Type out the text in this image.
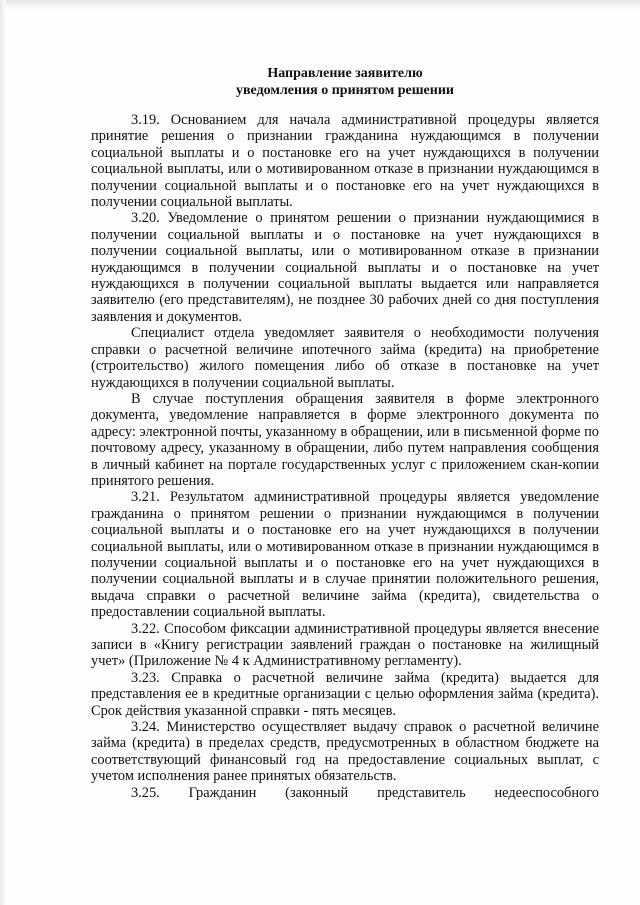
Направление заявителю
уведомления о принятом решении

3.19. Основанием для начала административной процедуры является принятие решения о признании гражданина нуждающимся в получении социальной выплаты и о постановке его на учет нуждающихся в получении социальной выплаты, или о мотивированном отказе в признании нуждающимся в получении социальной выплаты и о постановке его на учет нуждающихся в получении социальной выплаты.

3.20. Уведомление о принятом решении о признании нуждающимися в получении социальной выплаты и о постановке на учет нуждающихся в получении социальной выплаты, или о мотивированном отказе в признании нуждающимся в получении социальной выплаты и о постановке на учет нуждающихся в получении социальной выплаты выдается или направляется заявителю (его представителям), не позднее 30 рабочих дней со дня поступления заявления и документов.

Специалист отдела уведомляет заявителя о необходимости получения справки о расчетной величине ипотечного займа (кредита) на приобретение (строительство) жилого помещения либо об отказе в постановке на учет нуждающихся в получении социальной выплаты.

В случае поступления обращения заявителя в форме электронного документа, уведомление направляется в форме электронного документа по адресу: электронной почты, указанному в обращении, или в письменной форме по почтовому адресу, указанному в обращении, либо путем направления сообщения в личный кабинет на портале государственных услуг с приложением скан-копии принятого решения.

3.21. Результатом административной процедуры является уведомление гражданина о принятом решении о признании нуждающимся в получении социальной выплаты и о постановке его на учет нуждающихся в получении социальной выплаты, или о мотивированном отказе в признании нуждающимся в получении социальной выплаты и о постановке его на учет нуждающихся в получении социальной выплаты и в случае принятии положительного решения, выдача справки о расчетной величине займа (кредита), свидетельства о предоставлении социальной выплаты.

3.22. Способом фиксации административной процедуры является внесение записи в «Книгу регистрации заявлений граждан о постановке на жилищный учет» (Приложение № 4 к Административному регламенту).

3.23. Справка о расчетной величине займа (кредита) выдается для представления ее в кредитные организации с целью оформления займа (кредита). Срок действия указанной справки - пять месяцев.

3.24. Министерство осуществляет выдачу справок о расчетной величине займа (кредита) в пределах средств, предусмотренных в областном бюджете на соответствующий финансовый год на предоставление социальных выплат, с учетом исполнения ранее принятых обязательств.

3.25. Гражданин (законный представитель недееспособного
